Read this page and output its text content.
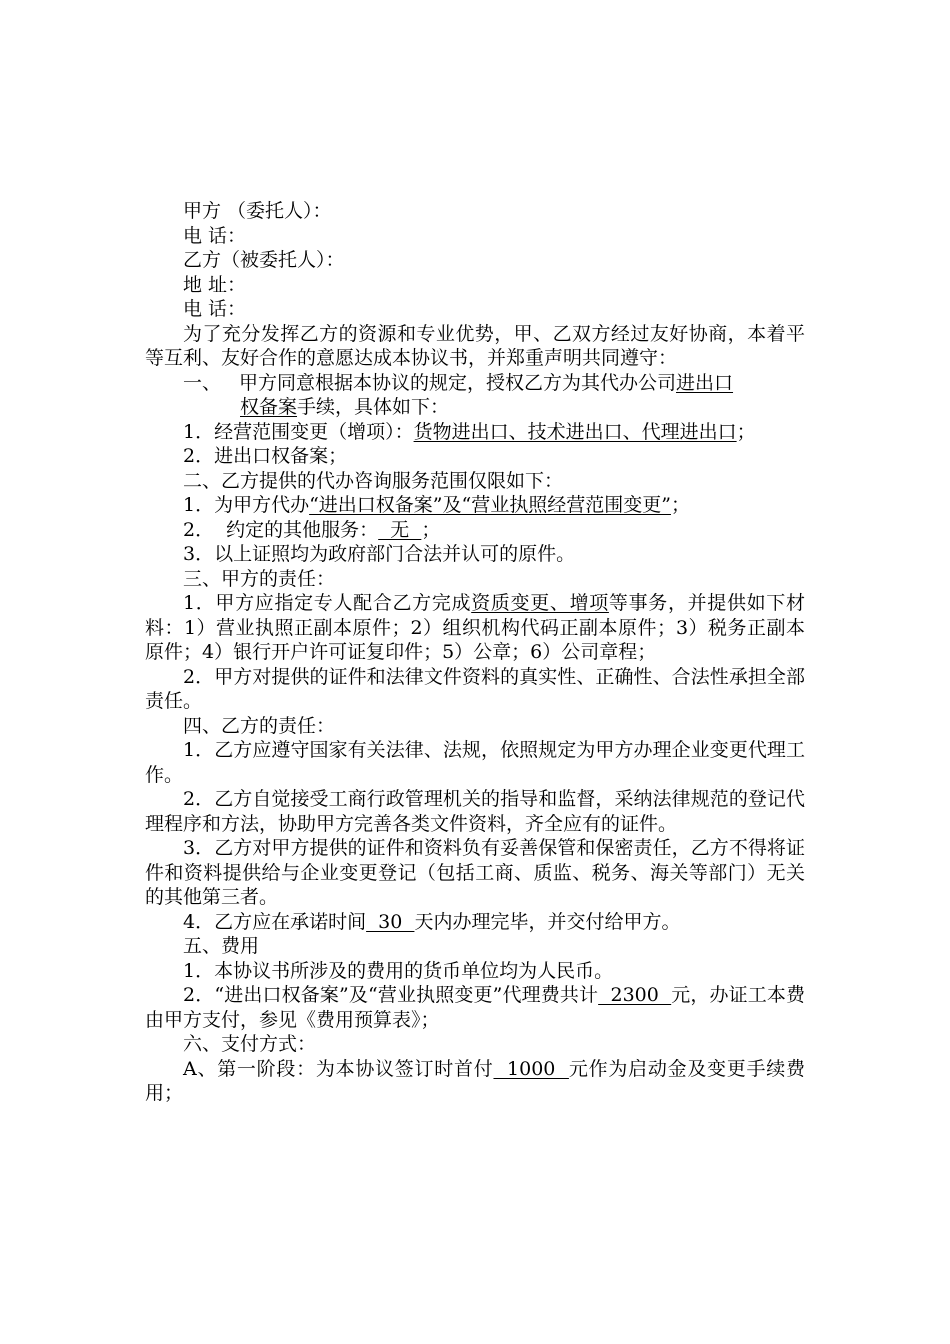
甲方 （委托人）：

电 话：

乙方（被委托人）：

地 址：

电 话：

为了充分发挥乙方的资源和专业优势，甲、乙双方经过友好协商，本着平等互利、友好合作的意愿达成本协议书，并郑重声明共同遵守：

一、 甲方同意根据本协议的规定，授权乙方为其代办公司进出口

权备案手续，具体如下：

1．经营范围变更（增项）：货物进出口、技术进出口、代理进出口；

2．进出口权备案；

二、乙方提供的代办咨询服务范围仅限如下：

1．为甲方代办“进出口权备案”及“营业执照经营范围变更”；

2．  约定的其他服务：  无  ；

3．以上证照均为政府部门合法并认可的原件。

三、甲方的责任：

1．甲方应指定专人配合乙方完成资质变更、增项等事务，并提供如下材料：1）营业执照正副本原件；2）组织机构代码正副本原件；3）税务正副本原件；4）银行开户许可证复印件；5）公章；6）公司章程；

2．甲方对提供的证件和法律文件资料的真实性、正确性、合法性承担全部责任。

四、乙方的责任：

1．乙方应遵守国家有关法律、法规，依照规定为甲方办理企业变更代理工作。

2．乙方自觉接受工商行政管理机关的指导和监督，采纳法律规范的登记代理程序和方法，协助甲方完善各类文件资料，齐全应有的证件。

3．乙方对甲方提供的证件和资料负有妥善保管和保密责任，乙方不得将证件和资料提供给与企业变更登记（包括工商、质监、税务、海关等部门）无关的其他第三者。

4．乙方应在承诺时间  30  天内办理完毕，并交付给甲方。

五、费用

1．本协议书所涉及的费用的货币单位均为人民币。

2．“进出口权备案”及“营业执照变更”代理费共计  2300  元，办证工本费由甲方支付，参见《费用预算表》；

六、支付方式：

A、第一阶段：为本协议签订时首付  1000  元作为启动金及变更手续费用；
